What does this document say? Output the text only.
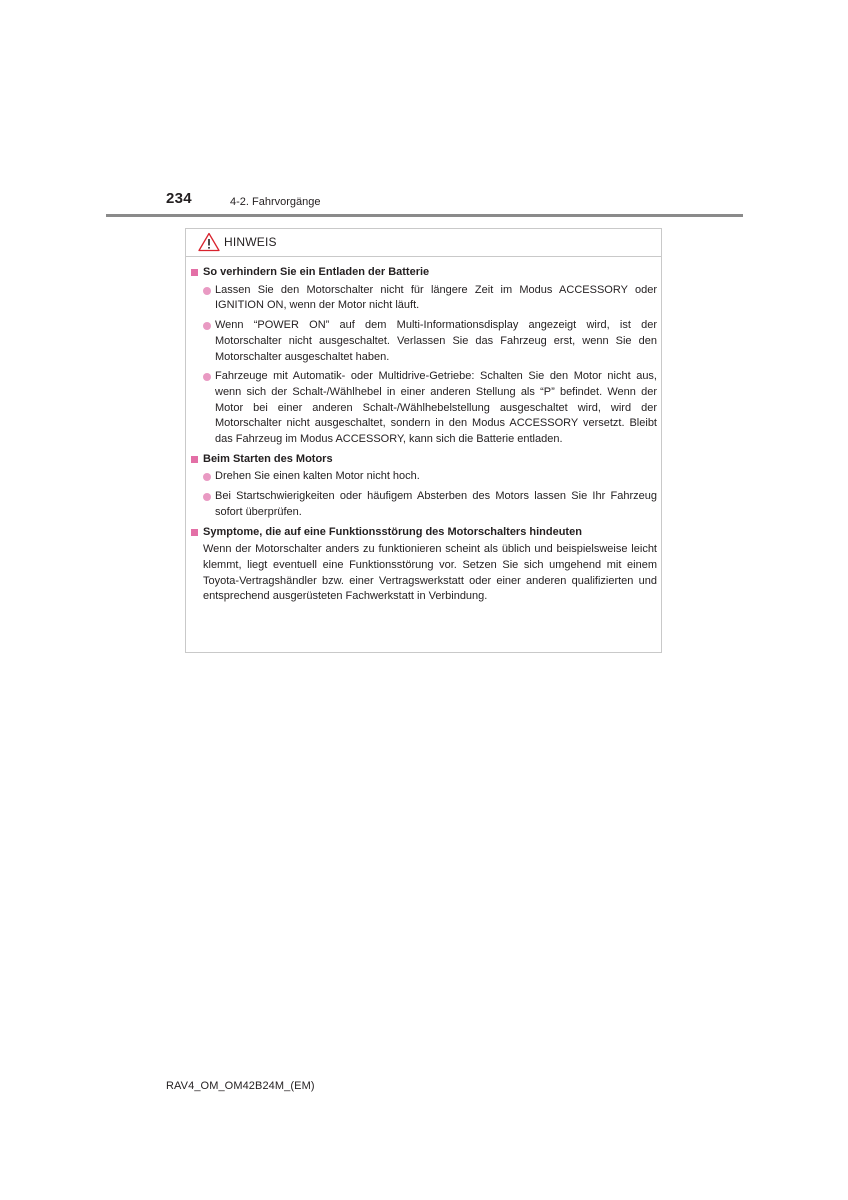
234	4-2. Fahrvorgänge
HINWEIS
So verhindern Sie ein Entladen der Batterie
Lassen Sie den Motorschalter nicht für längere Zeit im Modus ACCESSORY oder IGNITION ON, wenn der Motor nicht läuft.
Wenn “POWER ON” auf dem Multi-Informationsdisplay angezeigt wird, ist der Motorschalter nicht ausgeschaltet. Verlassen Sie das Fahrzeug erst, wenn Sie den Motorschalter ausgeschaltet haben.
Fahrzeuge mit Automatik- oder Multidrive-Getriebe: Schalten Sie den Motor nicht aus, wenn sich der Schalt-/Wählhebel in einer anderen Stellung als “P” befindet. Wenn der Motor bei einer anderen Schalt-/Wählhebelstellung ausgeschaltet wird, wird der Motorschalter nicht ausgeschaltet, sondern in den Modus ACCESSORY versetzt. Bleibt das Fahrzeug im Modus ACCESSORY, kann sich die Batterie entladen.
Beim Starten des Motors
Drehen Sie einen kalten Motor nicht hoch.
Bei Startschwierigkeiten oder häufigem Absterben des Motors lassen Sie Ihr Fahrzeug sofort überprüfen.
Symptome, die auf eine Funktionsstörung des Motorschalters hindeuten
Wenn der Motorschalter anders zu funktionieren scheint als üblich und beispielsweise leicht klemmt, liegt eventuell eine Funktionsstörung vor. Setzen Sie sich umgehend mit einem Toyota-Vertragshändler bzw. einer Vertragswerkstatt oder einer anderen qualifizierten und entsprechend ausgerüsteten Fachwerkstatt in Verbindung.
RAV4_OM_OM42B24M_(EM)
